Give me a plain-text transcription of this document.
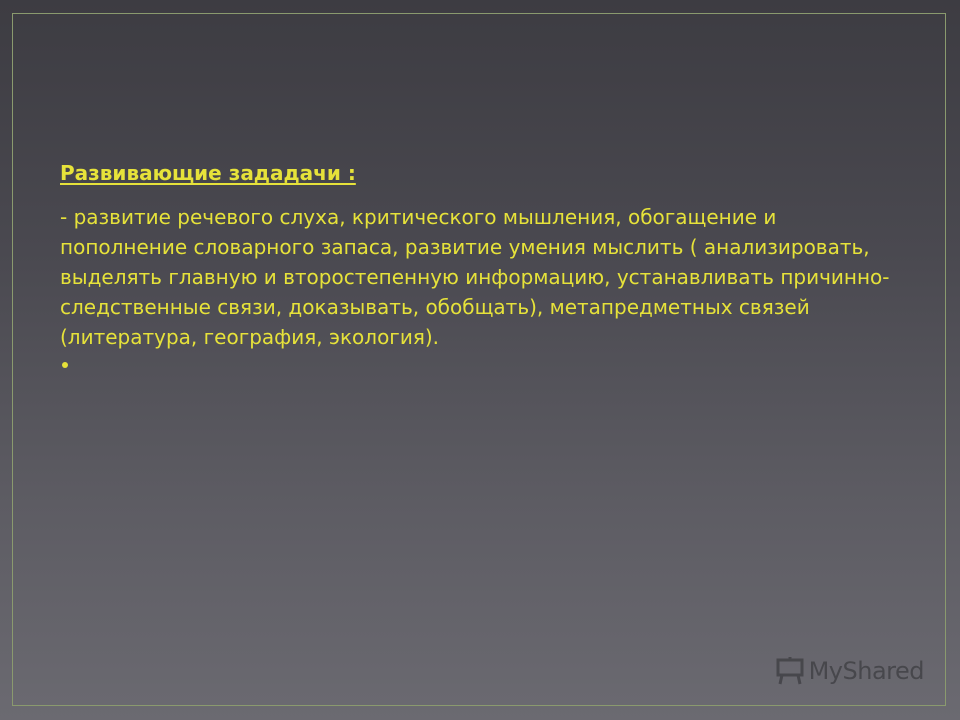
Развивающие зададачи :

- развитие речевого слуха, критического мышления, обогащение и пополнение словарного запаса, развитие умения мыслить ( анализировать, выделять главную и второстепенную информацию, устанавливать причинно-следственные связи, доказывать, обобщать), метапредметных связей (литература, география, экология).

MyShared
